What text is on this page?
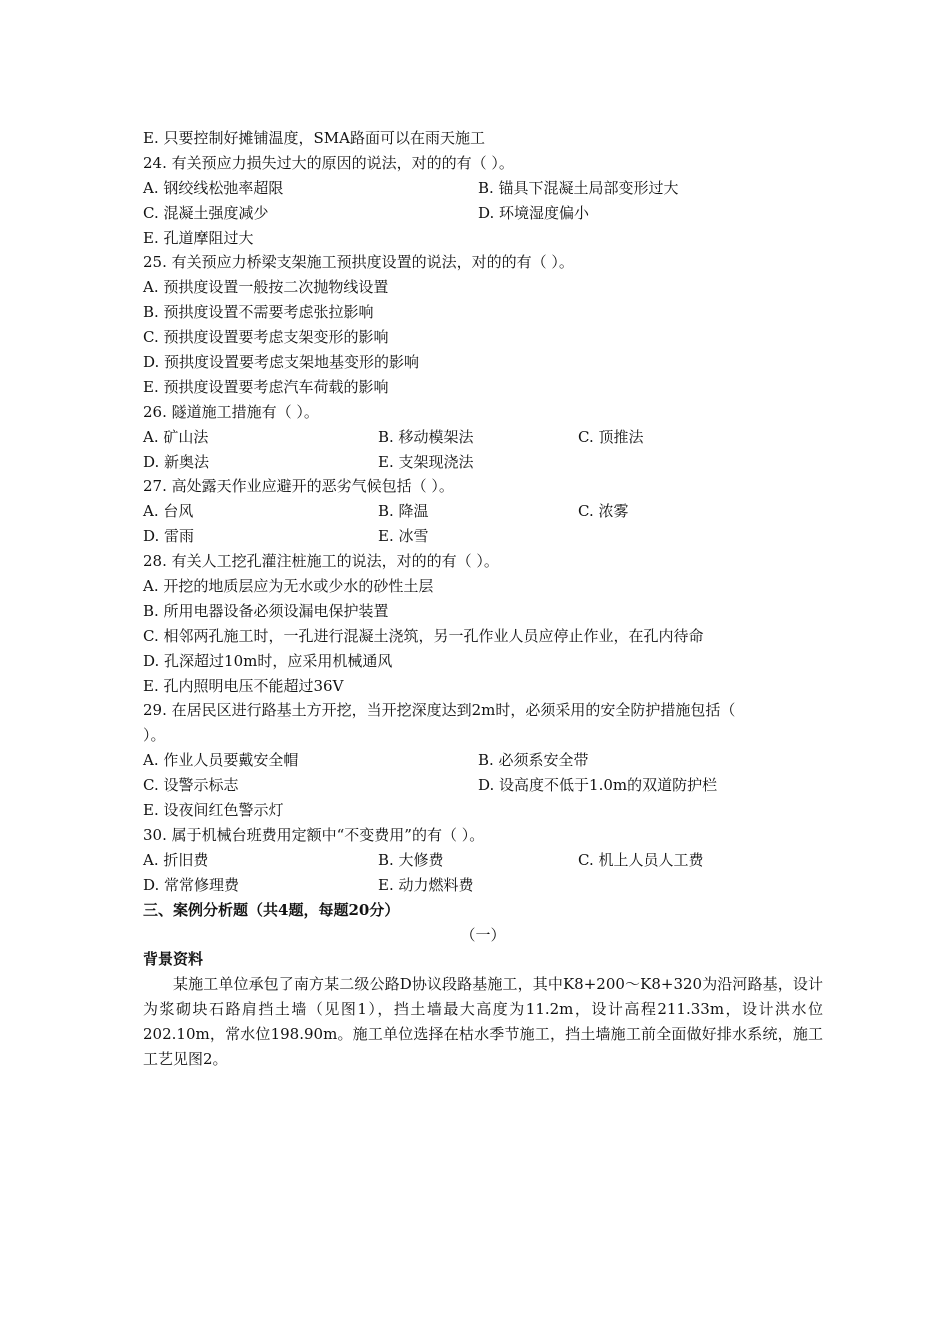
E. 只要控制好摊铺温度，SMA路面可以在雨天施工
24. 有关预应力损失过大的原因的说法，对的的有（ ）。
A. 钢绞线松弛率超限	B. 锚具下混凝土局部变形过大
C. 混凝土强度减少	D. 环境湿度偏小
E. 孔道摩阻过大
25. 有关预应力桥梁支架施工预拱度设置的说法，对的的有（ ）。
A. 预拱度设置一般按二次抛物线设置
B. 预拱度设置不需要考虑张拉影响
C. 预拱度设置要考虑支架变形的影响
D. 预拱度设置要考虑支架地基变形的影响
E. 预拱度设置要考虑汽车荷载的影响
26. 隧道施工措施有（ ）。
A. 矿山法	B. 移动模架法	C. 顶推法
D. 新奥法	E. 支架现浇法
27. 高处露天作业应避开的恶劣气候包括（ ）。
A. 台风	B. 降温	C. 浓雾
D. 雷雨	E. 冰雪
28. 有关人工挖孔灌注桩施工的说法，对的的有（ ）。
A. 开挖的地质层应为无水或少水的砂性土层
B. 所用电器设备必须设漏电保护装置
C. 相邻两孔施工时，一孔进行混凝土浇筑，另一孔作业人员应停止作业，在孔内待命
D. 孔深超过10m时，应采用机械通风
E. 孔内照明电压不能超过36V
29. 在居民区进行路基土方开挖，当开挖深度达到2m时，必须采用的安全防护措施包括（
）。
A. 作业人员要戴安全帽	B. 必须系安全带
C. 设警示标志	D. 设高度不低于1.0m的双道防护栏
E. 设夜间红色警示灯
30. 属于机械台班费用定额中“不变费用”的有（ ）。
A. 折旧费	B. 大修费	C. 机上人员人工费
D. 常常修理费	E. 动力燃料费
三、案例分析题（共4题，每题20分）
（一）
背景资料
某施工单位承包了南方某二级公路D协议段路基施工，其中K8+200～K8+320为沿河路基，设计为浆砌块石路肩挡土墙（见图1），挡土墙最大高度为11.2m，设计高程211.33m，设计洪水位202.10m，常水位198.90m。施工单位选择在枯水季节施工，挡土墙施工前全面做好排水系统，施工工艺见图2。
